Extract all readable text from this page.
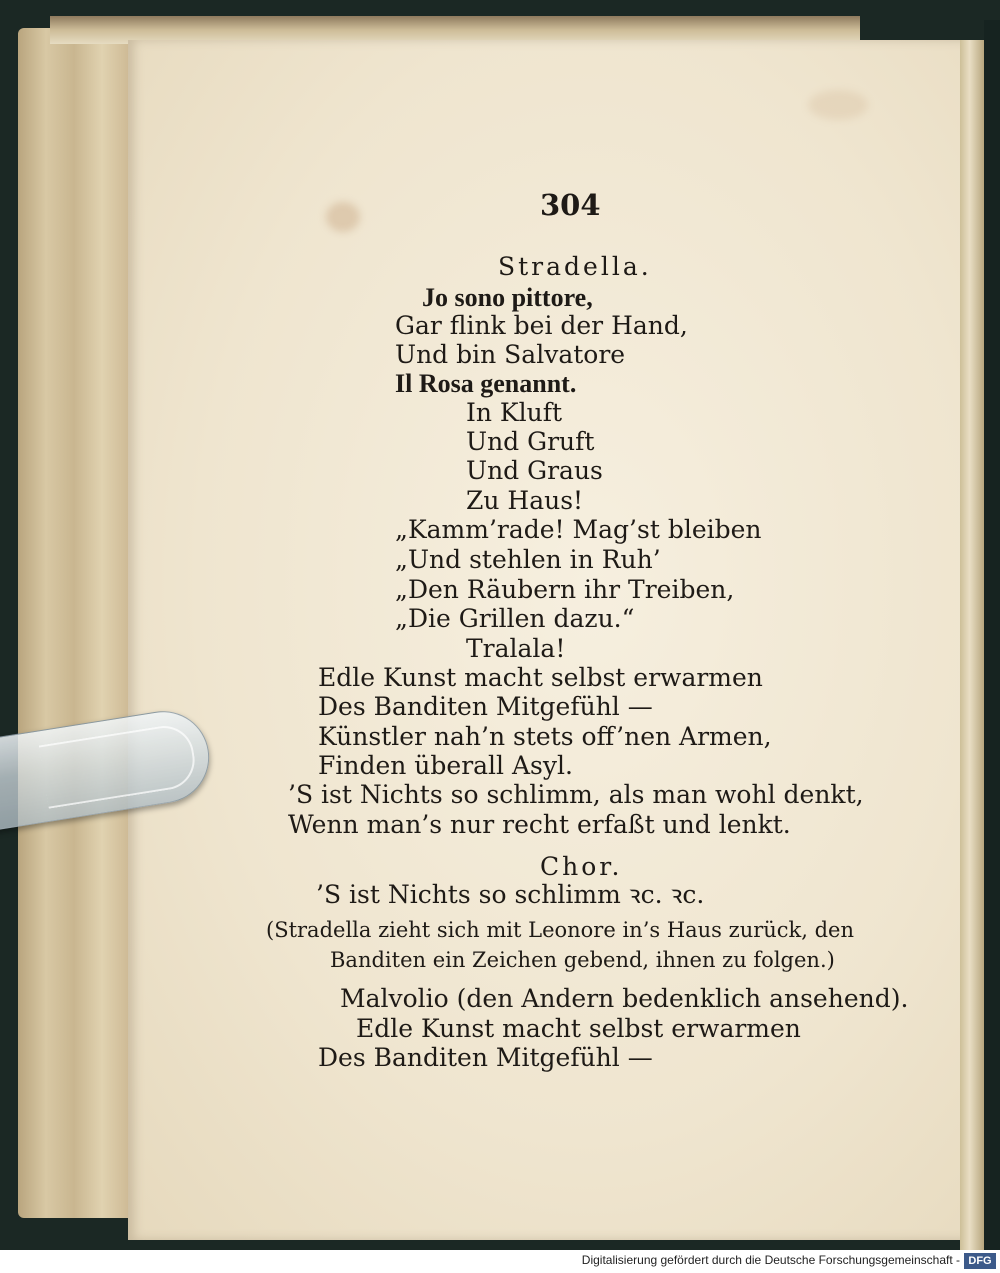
304
Stradella.
Jo sono pittore,
Gar flink bei der Hand,
Und bin Salvatore
Il Rosa genannt.
In Kluft
Und Gruft
Und Graus
Zu Haus!
„Kamm’rade! Mag’st bleiben
„Und stehlen in Ruh’
„Den Räubern ihr Treiben,
„Die Grillen dazu.“
Tralala!
Edle Kunst macht selbst erwarmen
Des Banditen Mitgefühl —
Künstler nah’n stets off’nen Armen,
Finden überall Asyl.
’S ist Nichts so schlimm, als man wohl denkt,
Wenn man’s nur recht erfaßt und lenkt.
Chor.
’S ist Nichts so schlimm ꝛc. ꝛc.
(Stradella zieht sich mit Leonore in’s Haus zurück, den
Banditen ein Zeichen gebend, ihnen zu folgen.)
Malvolio (den Andern bedenklich ansehend).
Edle Kunst macht selbst erwarmen
Des Banditen Mitgefühl —
Digitalisierung gefördert durch die Deutsche Forschungsgemeinschaft - DFG
